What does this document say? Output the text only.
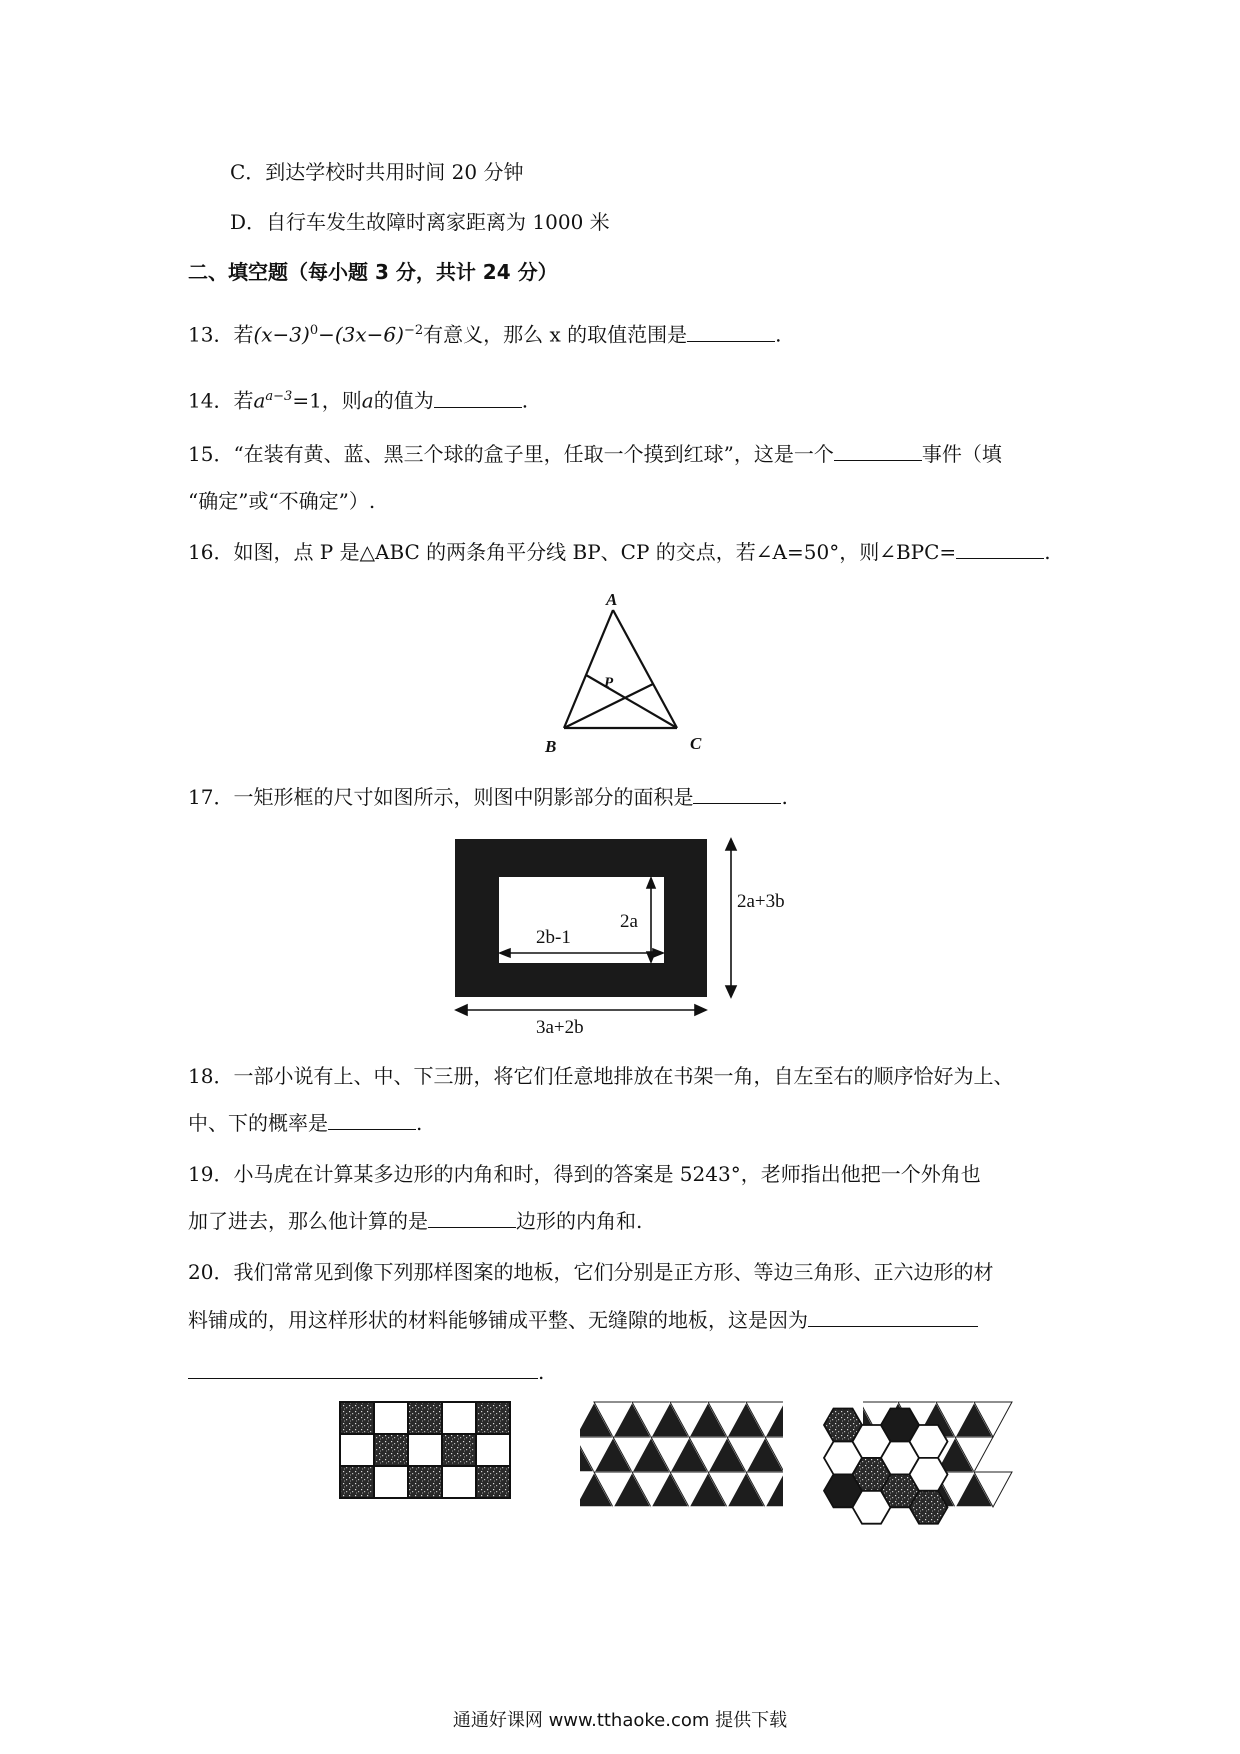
C．到达学校时共用时间 20 分钟
D．自行车发生故障时离家距离为 1000 米
二、填空题（每小题 3 分，共计 24 分）
13．若$(x-3)^0-(3x-6)^{-2}$有意义，那么 x 的取值范围是	.
14．若$a^{a-3}=1$，则a的值为	.
15．“在装有黄、蓝、黑三个球的盒子里，任取一个摸到红球”，这是一个	事件（填
“确定”或“不确定”）.
16．如图，点 P 是△ABC 的两条角平分线 BP、CP 的交点，若∠A=50°，则∠BPC=	.
A
B	C
P
17．一矩形框的尺寸如图所示，则图中阴影部分的面积是	.
2b-1
2a
2a+3b
3a+2b
18．一部小说有上、中、下三册，将它们任意地排放在书架一角，自左至右的顺序恰好为上、
中、下的概率是	.
19．小马虎在计算某多边形的内角和时，得到的答案是 5243°，老师指出他把一个外角也
加了进去，那么他计算的是	边形的内角和.
20．我们常常见到像下列那样图案的地板，它们分别是正方形、等边三角形、正六边形的材
料铺成的，用这样形状的材料能够铺成平整、无缝隙的地板，这是因为
.
通通好课网 www.tthaoke.com 提供下载
